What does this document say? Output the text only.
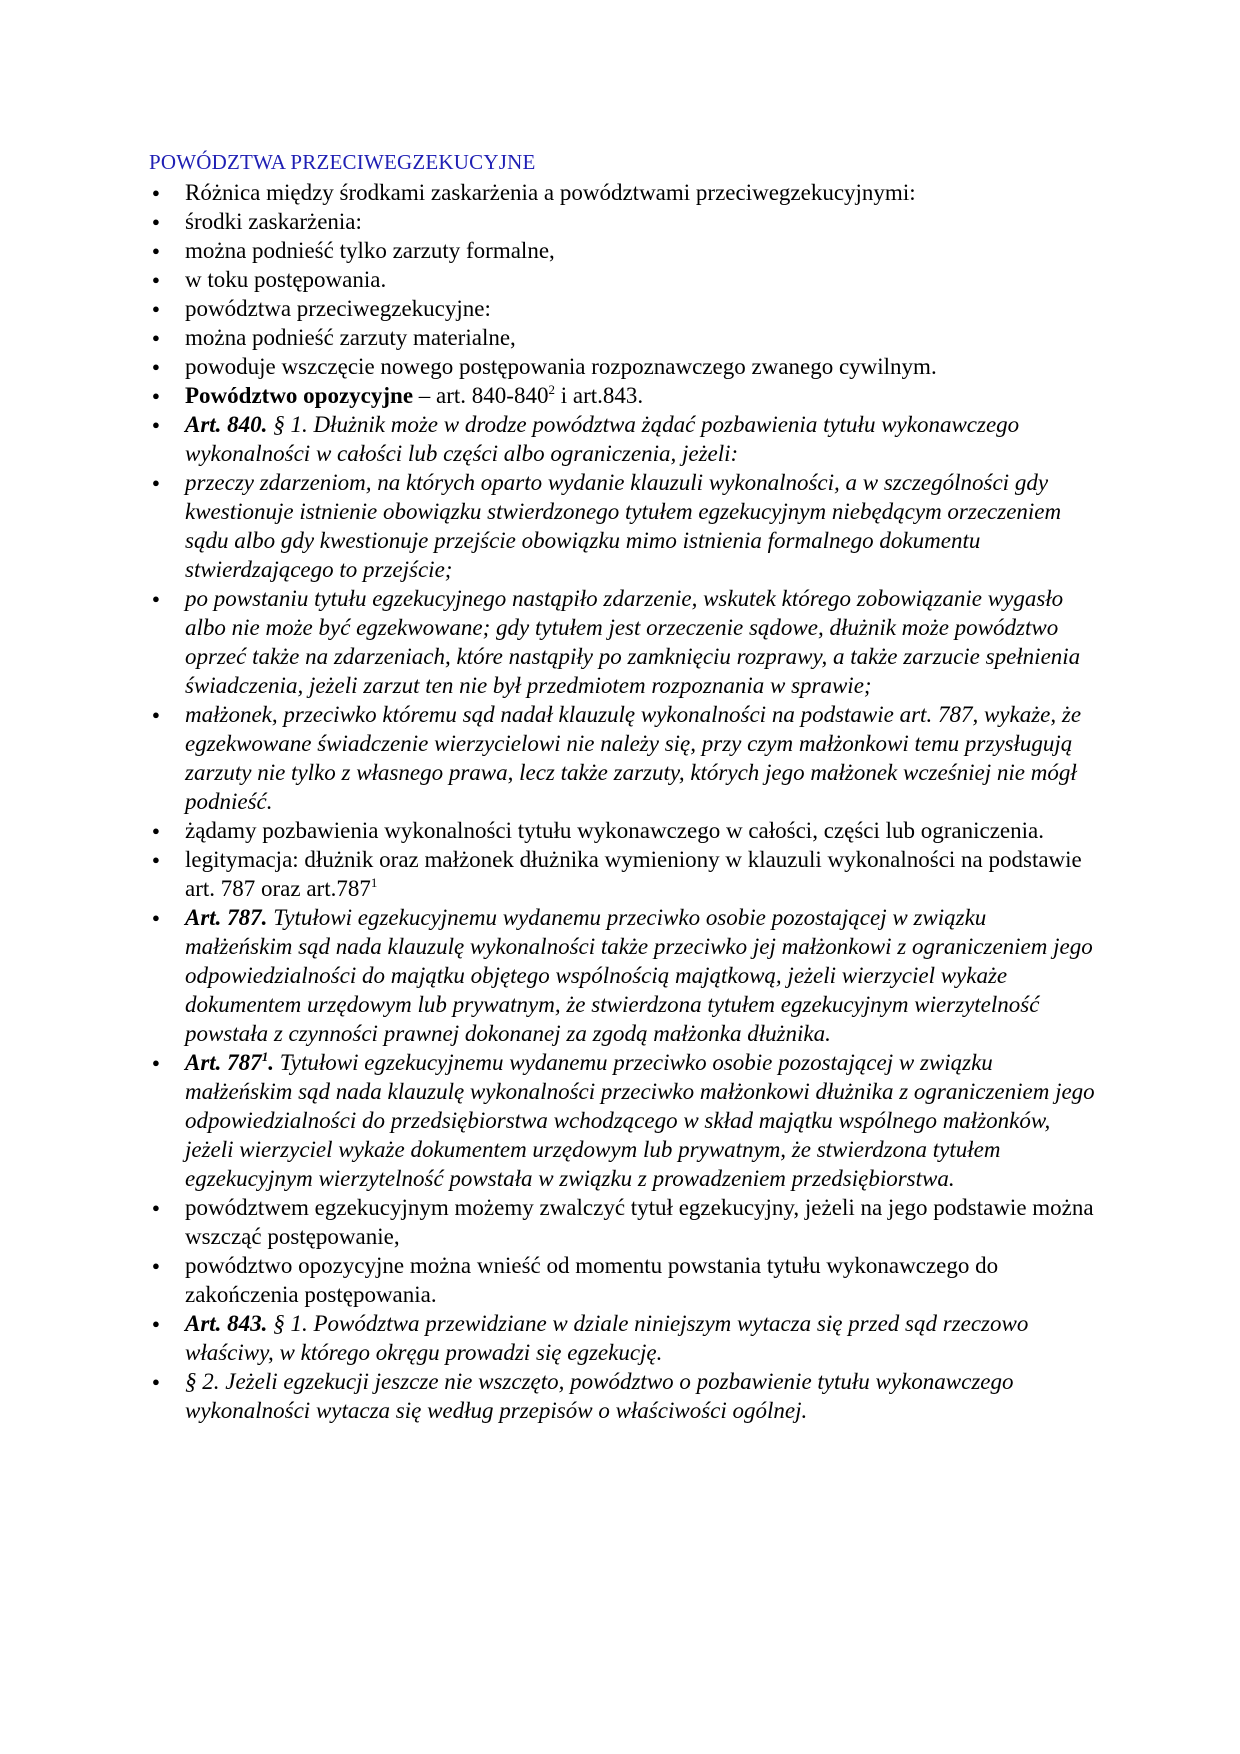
POWÓDZTWA PRZECIWEGZEKUCYJNE
● Różnica między środkami zaskarżenia a powództwami przeciwegzekucyjnymi:
● środki zaskarżenia:
● można podnieść tylko zarzuty formalne,
● w toku postępowania.
● powództwa przeciwegzekucyjne:
● można podnieść zarzuty materialne,
● powoduje wszczęcie nowego postępowania rozpoznawczego zwanego cywilnym.
● Powództwo opozycyjne – art. $840-840^2$ i art.843.
● Art. 840. § 1. Dłużnik może w drodze powództwa żądać pozbawienia tytułu wykonawczego wykonalności w całości lub części albo ograniczenia, jeżeli:
● przeczy zdarzeniom, na których oparto wydanie klauzuli wykonalności, a w szczególności gdy kwestionuje istnienie obowiązku stwierdzonego tytułem egzekucyjnym niebędącym orzeczeniem sądu albo gdy kwestionuje przejście obowiązku mimo istnienia formalnego dokumentu stwierdzającego to przejście;
● po powstaniu tytułu egzekucyjnego nastąpiło zdarzenie, wskutek którego zobowiązanie wygasło albo nie może być egzekwowane; gdy tytułem jest orzeczenie sądowe, dłużnik może powództwo oprzeć także na zdarzeniach, które nastąpiły po zamknięciu rozprawy, a także zarzucie spełnienia świadczenia, jeżeli zarzut ten nie był przedmiotem rozpoznania w sprawie;
● małżonek, przeciwko któremu sąd nadał klauzulę wykonalności na podstawie art. 787, wykaże, że egzekwowane świadczenie wierzycielowi nie należy się, przy czym małżonkowi temu przysługują zarzuty nie tylko z własnego prawa, lecz także zarzuty, których jego małżonek wcześniej nie mógł podnieść.
● żądamy pozbawienia wykonalności tytułu wykonawczego w całości, części lub ograniczenia.
● legitymacja: dłużnik oraz małżonek dłużnika wymieniony w klauzuli wykonalności na podstawie art. 787 oraz art.787$^1$
● Art. 787. Tytułowi egzekucyjnemu wydanemu przeciwko osobie pozostającej w związku małżeńskim sąd nada klauzulę wykonalności także przeciwko jej małżonkowi z ograniczeniem jego odpowiedzialności do majątku objętego wspólnością majątkową, jeżeli wierzyciel wykaże dokumentem urzędowym lub prywatnym, że stwierdzona tytułem egzekucyjnym wierzytelność powstała z czynności prawnej dokonanej za zgodą małżonka dłużnika.
● Art. $787^1$. Tytułowi egzekucyjnemu wydanemu przeciwko osobie pozostającej w związku małżeńskim sąd nada klauzulę wykonalności przeciwko małżonkowi dłużnika z ograniczeniem jego odpowiedzialności do przedsiębiorstwa wchodzącego w skład majątku wspólnego małżonków, jeżeli wierzyciel wykaże dokumentem urzędowym lub prywatnym, że stwierdzona tytułem egzekucyjnym wierzytelność powstała w związku z prowadzeniem przedsiębiorstwa.
● powództwem egzekucyjnym możemy zwalczyć tytuł egzekucyjny, jeżeli na jego podstawie można wszcząć postępowanie,
● powództwo opozycyjne można wnieść od momentu powstania tytułu wykonawczego do zakończenia postępowania.
● Art. 843. § 1. Powództwa przewidziane w dziale niniejszym wytacza się przed sąd rzeczowo właściwy, w którego okręgu prowadzi się egzekucję.
● § 2. Jeżeli egzekucji jeszcze nie wszczęto, powództwo o pozbawienie tytułu wykonawczego wykonalności wytacza się według przepisów o właściwości ogólnej.
